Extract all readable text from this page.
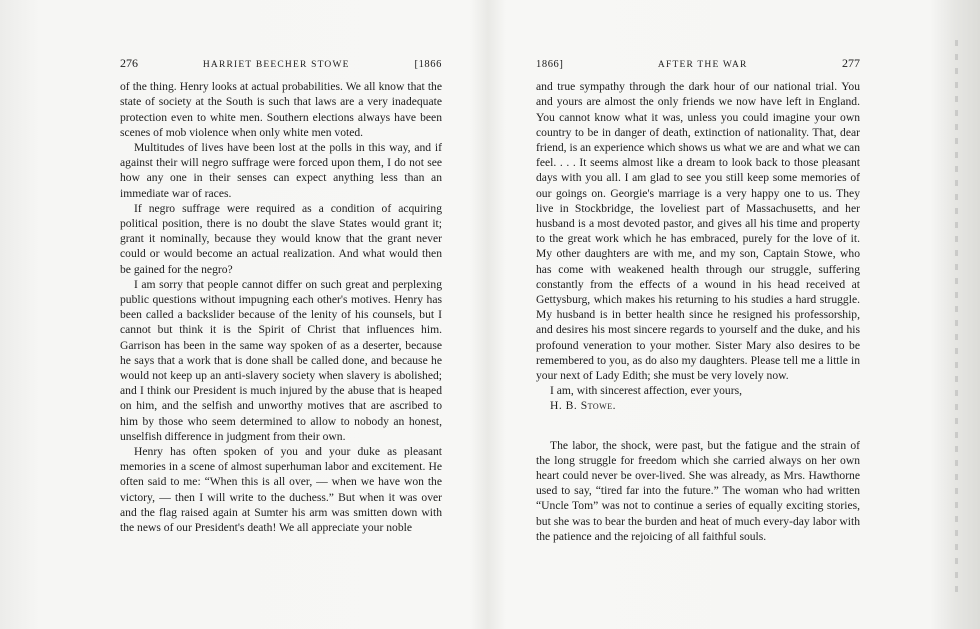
276	HARRIET BEECHER STOWE	[1866

of the thing. Henry looks at actual probabilities. We all know that the state of society at the South is such that laws are a very inadequate protection even to white men. Southern elections always have been scenes of mob violence when only white men voted.

Multitudes of lives have been lost at the polls in this way, and if against their will negro suffrage were forced upon them, I do not see how any one in their senses can expect anything less than an immediate war of races.

If negro suffrage were required as a condition of acquiring political position, there is no doubt the slave States would grant it; grant it nominally, because they would know that the grant never could or would become an actual realization. And what would then be gained for the negro?

I am sorry that people cannot differ on such great and perplexing public questions without impugning each other's motives. Henry has been called a backslider because of the lenity of his counsels, but I cannot but think it is the Spirit of Christ that influences him. Garrison has been in the same way spoken of as a deserter, because he says that a work that is done shall be called done, and because he would not keep up an anti-slavery society when slavery is abolished; and I think our President is much injured by the abuse that is heaped on him, and the selfish and unworthy motives that are ascribed to him by those who seem determined to allow to nobody an honest, unselfish difference in judgment from their own.

Henry has often spoken of you and your duke as pleasant memories in a scene of almost superhuman labor and excitement. He often said to me: “When this is all over, — when we have won the victory, — then I will write to the duchess.” But when it was over and the flag raised again at Sumter his arm was smitten down with the news of our President's death! We all appreciate your noble

1866]	AFTER THE WAR	277

and true sympathy through the dark hour of our national trial. You and yours are almost the only friends we now have left in England. You cannot know what it was, unless you could imagine your own country to be in danger of death, extinction of nationality. That, dear friend, is an experience which shows us what we are and what we can feel. . . . It seems almost like a dream to look back to those pleasant days with you all. I am glad to see you still keep some memories of our goings on. Georgie's marriage is a very happy one to us. They live in Stockbridge, the loveliest part of Massachusetts, and her husband is a most devoted pastor, and gives all his time and property to the great work which he has embraced, purely for the love of it. My other daughters are with me, and my son, Captain Stowe, who has come with weakened health through our struggle, suffering constantly from the effects of a wound in his head received at Gettysburg, which makes his returning to his studies a hard struggle. My husband is in better health since he resigned his professorship, and desires his most sincere regards to yourself and the duke, and his profound veneration to your mother. Sister Mary also desires to be remembered to you, as do also my daughters. Please tell me a little in your next of Lady Edith; she must be very lovely now.

I am, with sincerest affection, ever yours,

H. B. Stowe.

The labor, the shock, were past, but the fatigue and the strain of the long struggle for freedom which she carried always on her own heart could never be over-lived. She was already, as Mrs. Hawthorne used to say, “tired far into the future.” The woman who had written “Uncle Tom” was not to continue a series of equally exciting stories, but she was to bear the burden and heat of much every-day labor with the patience and the rejoicing of all faithful souls.
